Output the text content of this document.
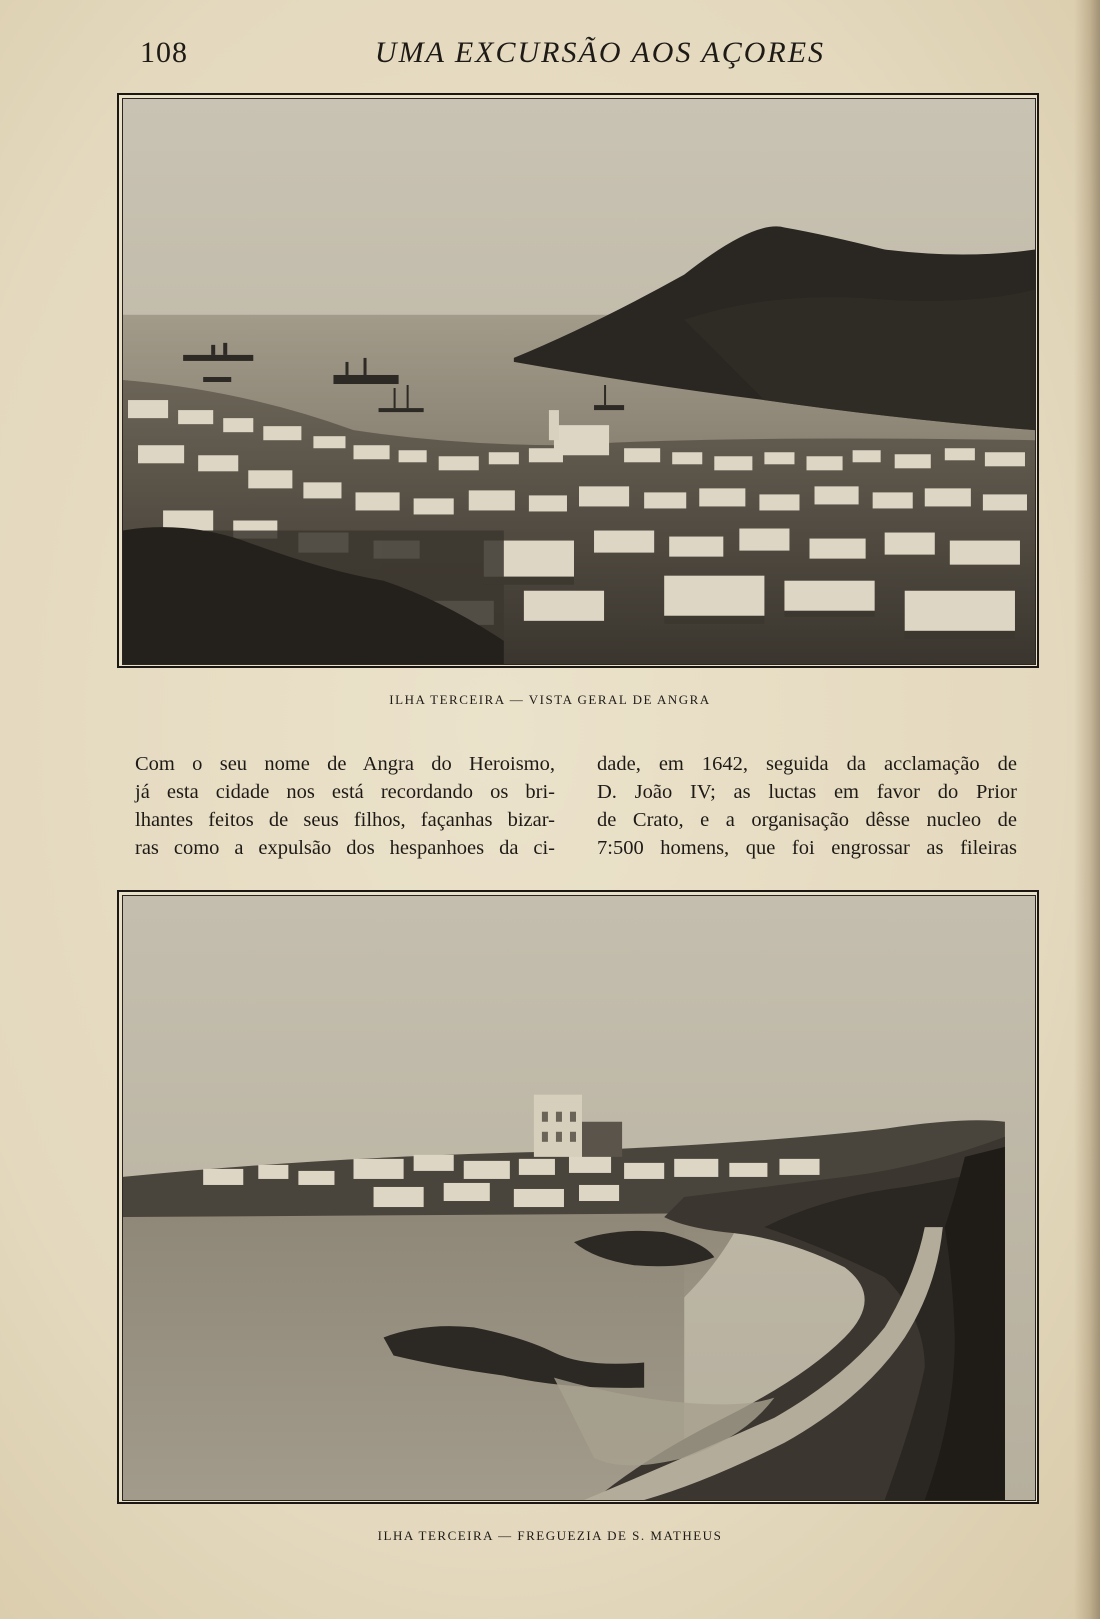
108	UMA EXCURSÃO AOS AÇORES
ILHA TERCEIRA — VISTA GERAL DE ANGRA
Com o seu nome de Angra do Heroismo,
já esta cidade nos está recordando os bri-
lhantes feitos de seus filhos, façanhas bizar-
ras como a expulsão dos hespanhoes da ci-
dade, em 1642, seguida da acclamação de
D. João IV; as luctas em favor do Prior
de Crato, e a organisação dêsse nucleo de
7:500 homens, que foi engrossar as fileiras
ILHA TERCEIRA — FREGUEZIA DE S. MATHEUS
